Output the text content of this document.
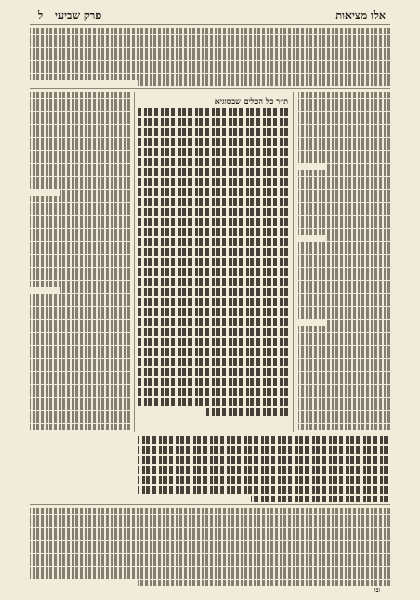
אלו מציאות
פרק שביעי ל
ת״ר כל הכלים שבסוגיא
ובו
